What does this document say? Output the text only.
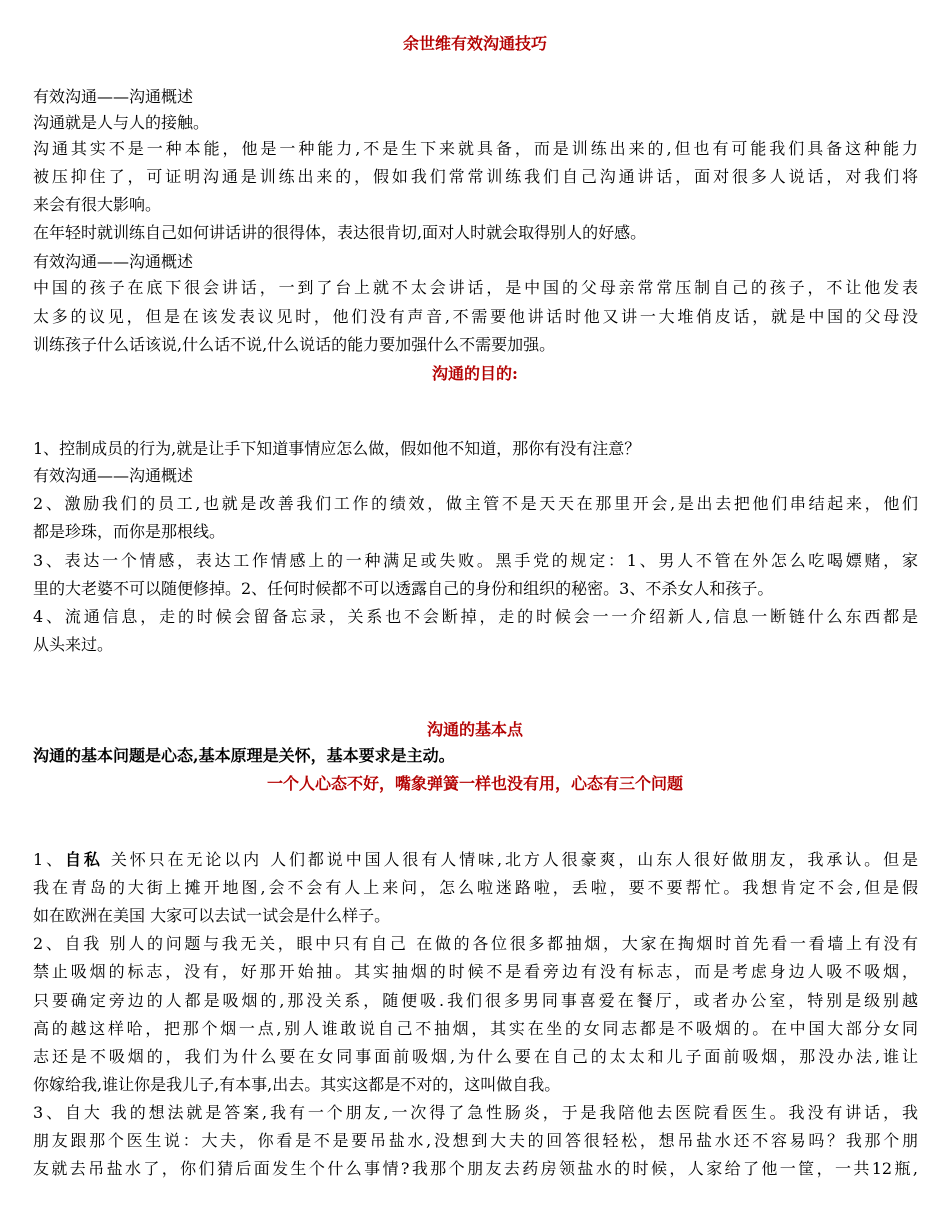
余世维有效沟通技巧
有效沟通——沟通概述
沟通就是人与人的接触。
沟通其实不是一种本能，他是一种能力,不是生下来就具备，而是训练出来的,但也有可能我们具备这种能力
被压抑住了，可证明沟通是训练出来的，假如我们常常训练我们自己沟通讲话，面对很多人说话，对我们将
来会有很大影响。
在年轻时就训练自己如何讲话讲的很得体，表达很肯切,面对人时就会取得别人的好感。
有效沟通——沟通概述
中国的孩子在底下很会讲话，一到了台上就不太会讲话，是中国的父母亲常常压制自己的孩子，不让他发表
太多的议见，但是在该发表议见时，他们没有声音,不需要他讲话时他又讲一大堆俏皮话，就是中国的父母没
训练孩子什么话该说,什么话不说,什么说话的能力要加强什么不需要加强。
沟通的目的:
1、控制成员的行为,就是让手下知道事情应怎么做，假如他不知道，那你有没有注意？
有效沟通——沟通概述
2、激励我们的员工,也就是改善我们工作的绩效，做主管不是天天在那里开会,是出去把他们串结起来，他们
都是珍珠，而你是那根线。
3、表达一个情感，表达工作情感上的一种满足或失败。黑手党的规定：1、男人不管在外怎么吃喝嫖赌，家
里的大老婆不可以随便修掉。2、任何时候都不可以透露自己的身份和组织的秘密。3、不杀女人和孩子。
4、流通信息，走的时候会留备忘录，关系也不会断掉，走的时候会一一介绍新人,信息一断链什么东西都是
从头来过。
沟通的基本点
沟通的基本问题是心态,基本原理是关怀，基本要求是主动。
一个人心态不好，嘴象弹簧一样也没有用，心态有三个问题
1、自私 关怀只在无论以内 人们都说中国人很有人情味,北方人很豪爽，山东人很好做朋友，我承认。但是
我在青岛的大街上摊开地图,会不会有人上来问，怎么啦迷路啦，丢啦，要不要帮忙。我想肯定不会,但是假
如在欧洲在美国 大家可以去试一试会是什么样子。
2、自我 别人的问题与我无关，眼中只有自己 在做的各位很多都抽烟，大家在掏烟时首先看一看墙上有没有
禁止吸烟的标志，没有，好那开始抽。其实抽烟的时候不是看旁边有没有标志，而是考虑身边人吸不吸烟，
只要确定旁边的人都是吸烟的,那没关系，随便吸.我们很多男同事喜爱在餐厅，或者办公室，特别是级别越
高的越这样哈，把那个烟一点,别人谁敢说自己不抽烟，其实在坐的女同志都是不吸烟的。在中国大部分女同
志还是不吸烟的，我们为什么要在女同事面前吸烟,为什么要在自己的太太和儿子面前吸烟，那没办法,谁让
你嫁给我,谁让你是我儿子,有本事,出去。其实这都是不对的，这叫做自我。
3、自大 我的想法就是答案,我有一个朋友,一次得了急性肠炎，于是我陪他去医院看医生。我没有讲话，我
朋友跟那个医生说：大夫，你看是不是要吊盐水,没想到大夫的回答很轻松，想吊盐水还不容易吗？我那个朋
友就去吊盐水了，你们猜后面发生个什么事情?我那个朋友去药房领盐水的时候，人家给了他一筐，一共12瓶,
